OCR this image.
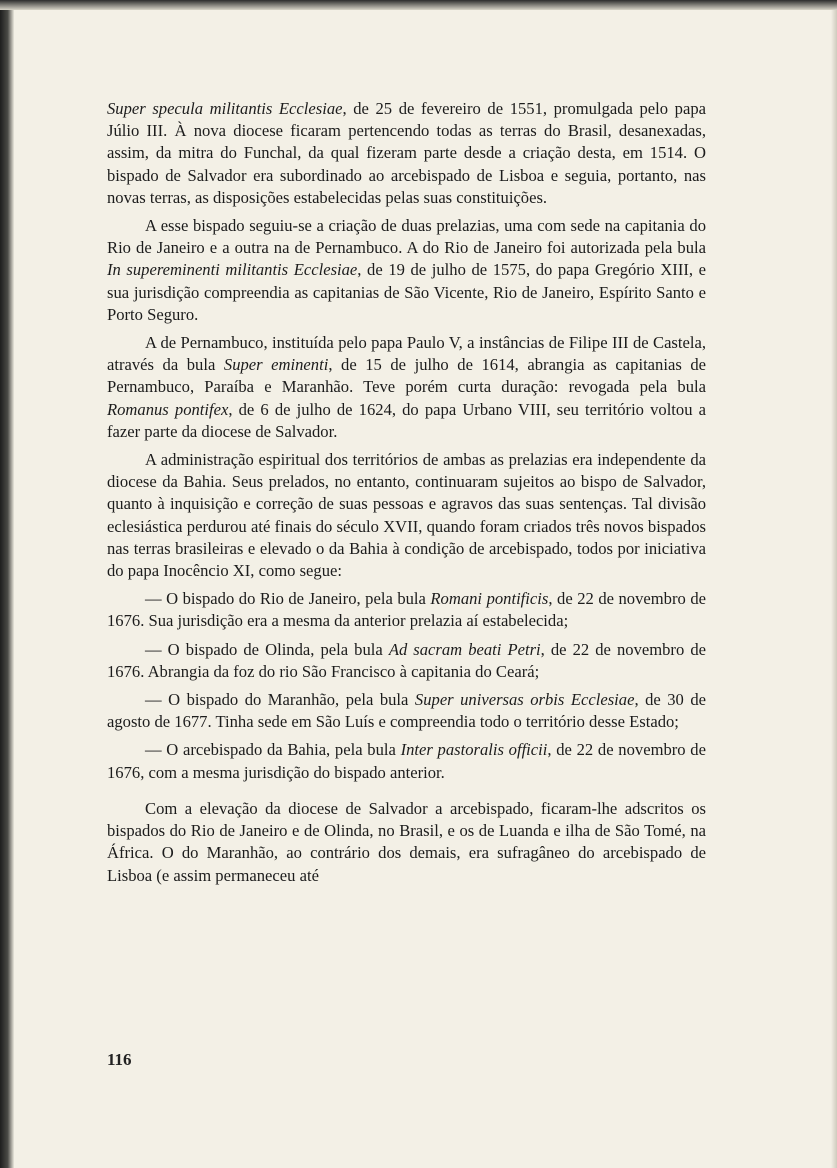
Super specula militantis Ecclesiae, de 25 de fevereiro de 1551, promulgada pelo papa Júlio III. À nova diocese ficaram pertencendo todas as terras do Brasil, desanexadas, assim, da mitra do Funchal, da qual fizeram parte desde a criação desta, em 1514. O bispado de Salvador era subordinado ao arcebispado de Lisboa e seguia, portanto, nas novas terras, as disposições estabelecidas pelas suas constituições.

A esse bispado seguiu-se a criação de duas prelazias, uma com sede na capitania do Rio de Janeiro e a outra na de Pernambuco. A do Rio de Janeiro foi autorizada pela bula In supereminenti militantis Ecclesiae, de 19 de julho de 1575, do papa Gregório XIII, e sua jurisdição compreendia as capitanias de São Vicente, Rio de Janeiro, Espírito Santo e Porto Seguro.

A de Pernambuco, instituída pelo papa Paulo V, a instâncias de Filipe III de Castela, através da bula Super eminenti, de 15 de julho de 1614, abrangia as capitanias de Pernambuco, Paraíba e Maranhão. Teve porém curta duração: revogada pela bula Romanus pontifex, de 6 de julho de 1624, do papa Urbano VIII, seu território voltou a fazer parte da diocese de Salvador.

A administração espiritual dos territórios de ambas as prelazias era independente da diocese da Bahia. Seus prelados, no entanto, continuaram sujeitos ao bispo de Salvador, quanto à inquisição e correção de suas pessoas e agravos das suas sentenças. Tal divisão eclesiástica perdurou até finais do século XVII, quando foram criados três novos bispados nas terras brasileiras e elevado o da Bahia à condição de arcebispado, todos por iniciativa do papa Inocêncio XI, como segue:

— O bispado do Rio de Janeiro, pela bula Romani pontificis, de 22 de novembro de 1676. Sua jurisdição era a mesma da anterior prelazia aí estabelecida;

— O bispado de Olinda, pela bula Ad sacram beati Petri, de 22 de novembro de 1676. Abrangia da foz do rio São Francisco à capitania do Ceará;

— O bispado do Maranhão, pela bula Super universas orbis Ecclesiae, de 30 de agosto de 1677. Tinha sede em São Luís e compreendia todo o território desse Estado;

— O arcebispado da Bahia, pela bula Inter pastoralis officii, de 22 de novembro de 1676, com a mesma jurisdição do bispado anterior.

Com a elevação da diocese de Salvador a arcebispado, ficaram-lhe adscritos os bispados do Rio de Janeiro e de Olinda, no Brasil, e os de Luanda e ilha de São Tomé, na África. O do Maranhão, ao contrário dos demais, era sufragâneo do arcebispado de Lisboa (e assim permaneceu até

116
